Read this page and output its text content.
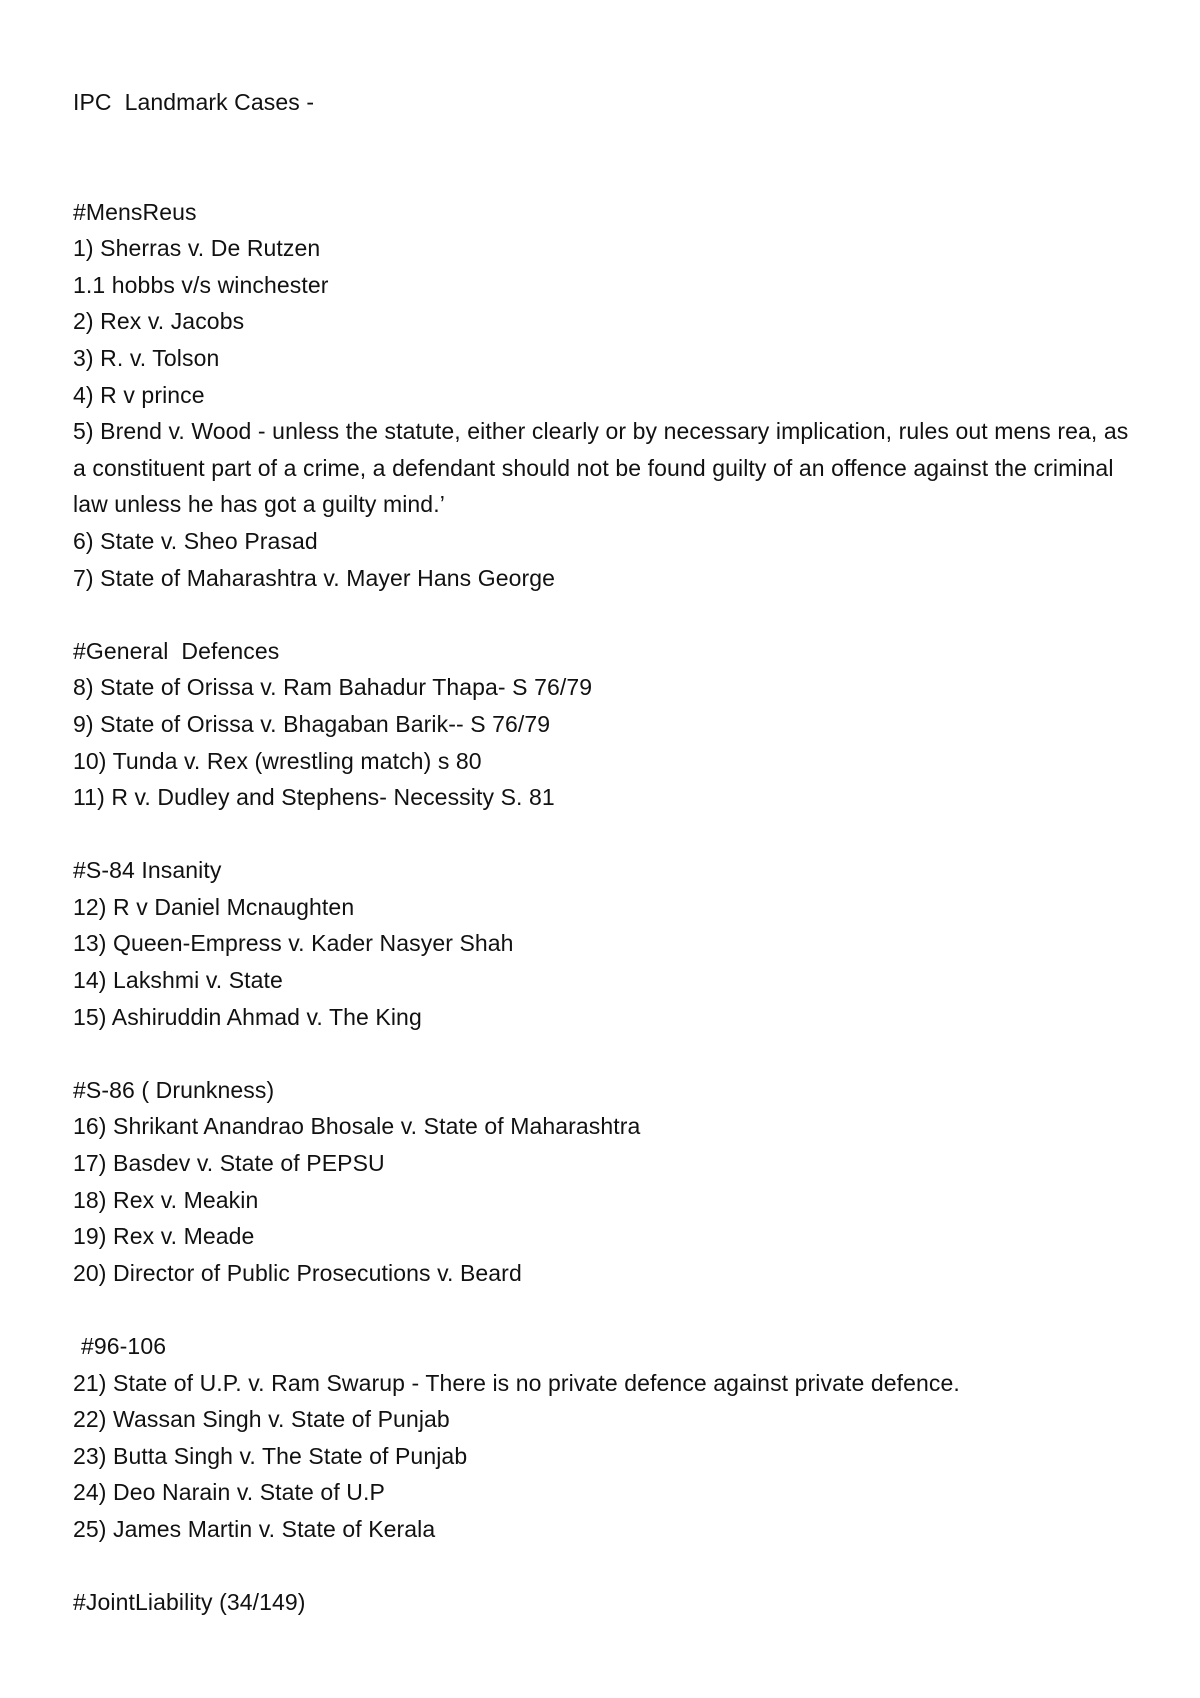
IPC  Landmark Cases -
#MensReus
1) Sherras v. De Rutzen
1.1 hobbs v/s winchester
2) Rex v. Jacobs
3) R. v. Tolson
4) R v prince
5) Brend v. Wood - unless the statute, either clearly or by necessary implication, rules out mens rea, as a constituent part of a crime, a defendant should not be found guilty of an offence against the criminal law unless he has got a guilty mind.’
6) State v. Sheo Prasad
7) State of Maharashtra v. Mayer Hans George
#General  Defences
8) State of Orissa v. Ram Bahadur Thapa- S 76/79
9) State of Orissa v. Bhagaban Barik-- S 76/79
10) Tunda v. Rex (wrestling match) s 80
11) R v. Dudley and Stephens- Necessity S. 81
#S-84 Insanity
12) R v Daniel Mcnaughten
13) Queen-Empress v. Kader Nasyer Shah
14) Lakshmi v. State
15) Ashiruddin Ahmad v. The King
#S-86 ( Drunkness)
16) Shrikant Anandrao Bhosale v. State of Maharashtra
17) Basdev v. State of PEPSU
18) Rex v. Meakin
19) Rex v. Meade
20) Director of Public Prosecutions v. Beard
#96-106
21) State of U.P. v. Ram Swarup - There is no private defence against private defence.
22) Wassan Singh v. State of Punjab
23) Butta Singh v. The State of Punjab
24) Deo Narain v. State of U.P
25) James Martin v. State of Kerala
#JointLiability (34/149)
